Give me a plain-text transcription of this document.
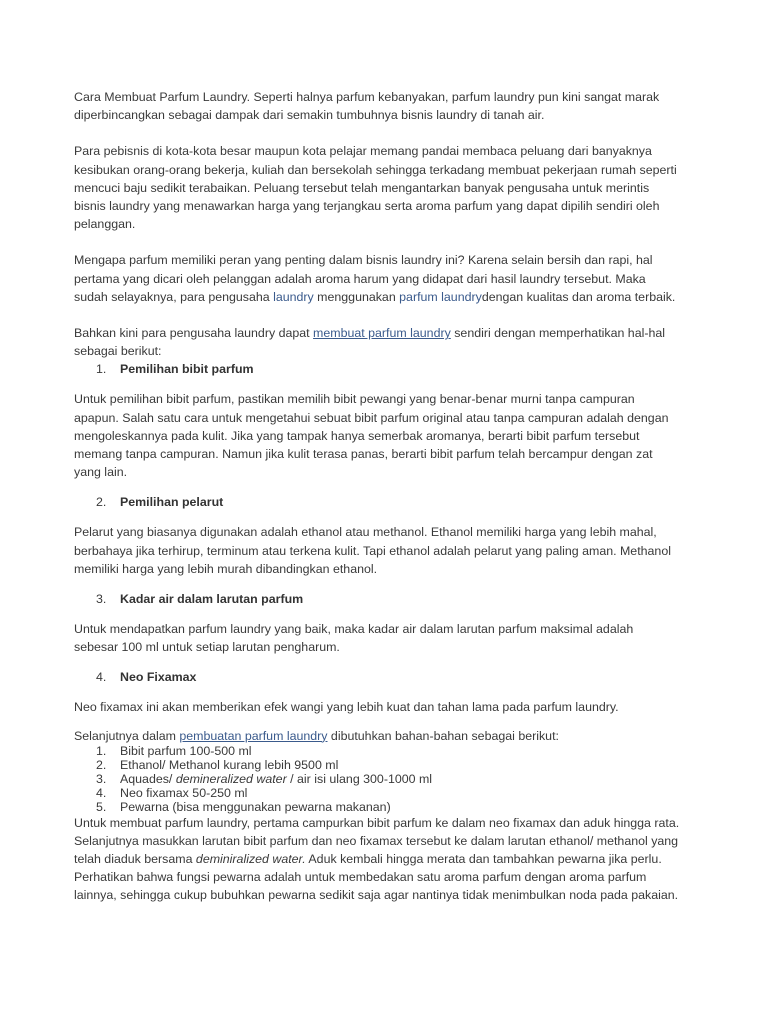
Cara Membuat Parfum Laundry. Seperti halnya parfum kebanyakan, parfum laundry pun kini sangat marak diperbincangkan sebagai dampak dari semakin tumbuhnya bisnis laundry di tanah air.

Para pebisnis di kota-kota besar maupun kota pelajar memang pandai membaca peluang dari banyaknya kesibukan orang-orang bekerja, kuliah dan bersekolah sehingga terkadang membuat pekerjaan rumah seperti mencuci baju sedikit terabaikan. Peluang tersebut telah mengantarkan banyak pengusaha untuk merintis bisnis laundry yang menawarkan harga yang terjangkau serta aroma parfum yang dapat dipilih sendiri oleh pelanggan.

Mengapa parfum memiliki peran yang penting dalam bisnis laundry ini? Karena selain bersih dan rapi, hal pertama yang dicari oleh pelanggan adalah aroma harum yang didapat dari hasil laundry tersebut. Maka sudah selayaknya, para pengusaha laundry menggunakan parfum laundrydengan kualitas dan aroma terbaik.

Bahkan kini para pengusaha laundry dapat membuat parfum laundry sendiri dengan memperhatikan hal-hal sebagai berikut:

1.	Pemilihan bibit parfum

Untuk pemilihan bibit parfum, pastikan memilih bibit pewangi yang benar-benar murni tanpa campuran apapun. Salah satu cara untuk mengetahui sebuat bibit parfum original atau tanpa campuran adalah dengan mengoleskannya pada kulit. Jika yang tampak hanya semerbak aromanya, berarti bibit parfum tersebut memang tanpa campuran. Namun jika kulit terasa panas, berarti bibit parfum telah bercampur dengan zat yang lain.

2.	Pemilihan pelarut

Pelarut yang biasanya digunakan adalah ethanol atau methanol. Ethanol memiliki harga yang lebih mahal, berbahaya jika terhirup, terminum atau terkena kulit. Tapi ethanol adalah pelarut yang paling aman. Methanol memiliki harga yang lebih murah dibandingkan ethanol.

3.	Kadar air dalam larutan parfum

Untuk mendapatkan parfum laundry yang baik, maka kadar air dalam larutan parfum maksimal adalah sebesar 100 ml untuk setiap larutan pengharum.

4.	Neo Fixamax

Neo fixamax ini akan memberikan efek wangi yang lebih kuat dan tahan lama pada parfum laundry.

Selanjutnya dalam pembuatan parfum laundry dibutuhkan bahan-bahan sebagai berikut:

1.	Bibit parfum 100-500 ml
2.	Ethanol/ Methanol kurang lebih 9500 ml
3.	Aquades/ demineralized water / air isi ulang 300-1000 ml
4.	Neo fixamax 50-250 ml
5.	Pewarna (bisa menggunakan pewarna makanan)

Untuk membuat parfum laundry, pertama campurkan bibit parfum ke dalam neo fixamax dan aduk hingga rata. Selanjutnya masukkan larutan bibit parfum dan neo fixamax tersebut ke dalam larutan ethanol/ methanol yang telah diaduk bersama deminiralized water. Aduk kembali hingga merata dan tambahkan pewarna jika perlu. Perhatikan bahwa fungsi pewarna adalah untuk membedakan satu aroma parfum dengan aroma parfum lainnya, sehingga cukup bubuhkan pewarna sedikit saja agar nantinya tidak menimbulkan noda pada pakaian.
